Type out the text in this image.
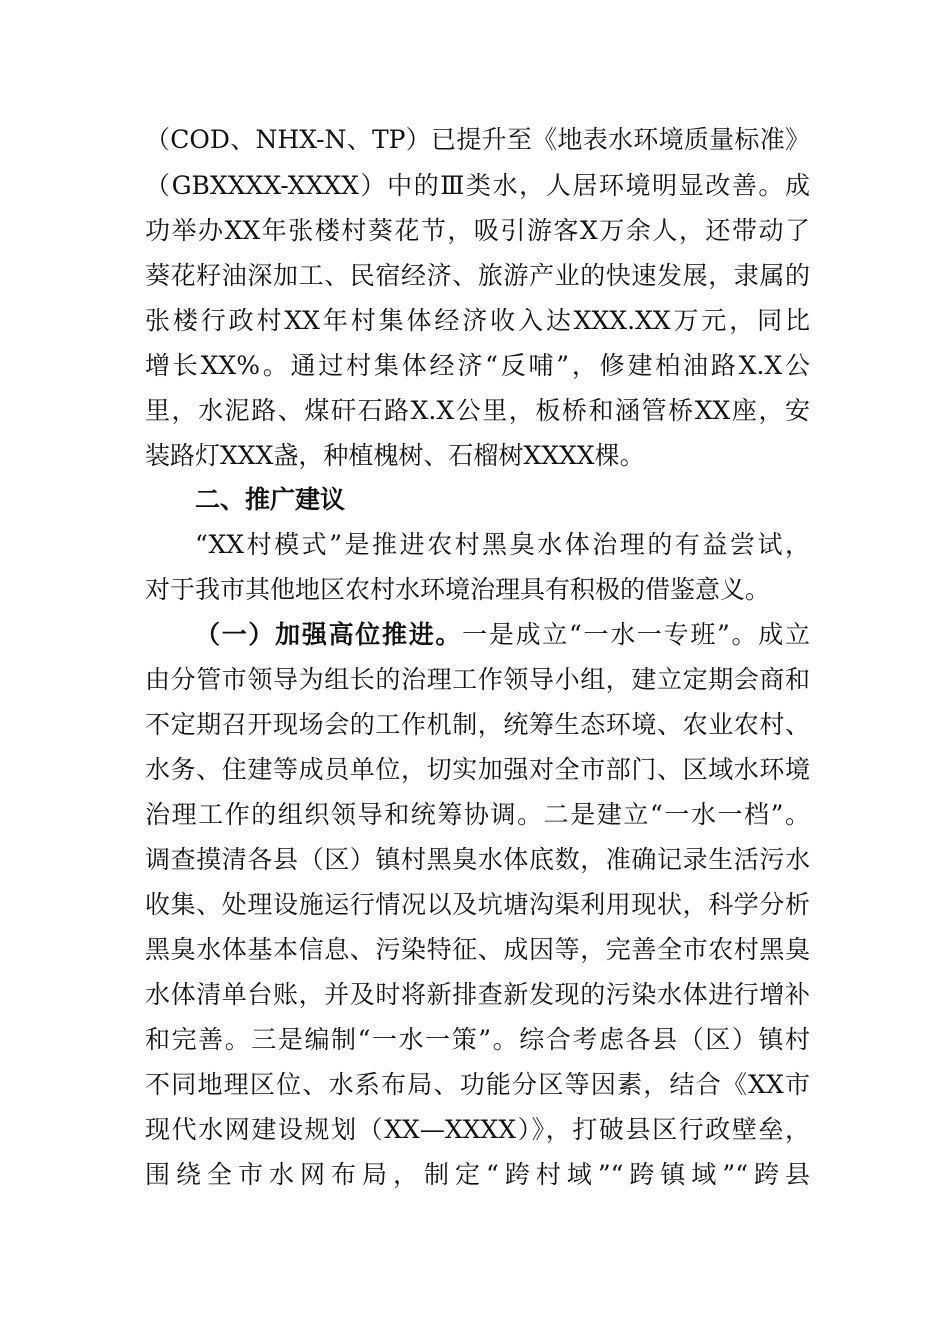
（COD、NHX-N、TP）已提升至《地表水环境质量标准》
（GBXXXX-XXXX）中的Ⅲ类水，人居环境明显改善。成
功举办XX年张楼村葵花节，吸引游客X万余人，还带动了
葵花籽油深加工、民宿经济、旅游产业的快速发展，隶属的
张楼行政村XX年村集体经济收入达XXX.XX万元，同比
增长XX%。通过村集体经济“反哺”，修建柏油路X.X公
里，水泥路、煤矸石路X.X公里，板桥和涵管桥XX座，安
装路灯XXX盏，种植槐树、石榴树XXXX棵。
二、推广建议
“XX村模式”是推进农村黑臭水体治理的有益尝试，
对于我市其他地区农村水环境治理具有积极的借鉴意义。
（一）加强高位推进。一是成立“一水一专班”。成立
由分管市领导为组长的治理工作领导小组，建立定期会商和
不定期召开现场会的工作机制，统筹生态环境、农业农村、
水务、住建等成员单位，切实加强对全市部门、区域水环境
治理工作的组织领导和统筹协调。二是建立“一水一档”。
调查摸清各县（区）镇村黑臭水体底数，准确记录生活污水
收集、处理设施运行情况以及坑塘沟渠利用现状，科学分析
黑臭水体基本信息、污染特征、成因等，完善全市农村黑臭
水体清单台账，并及时将新排查新发现的污染水体进行增补
和完善。三是编制“一水一策”。综合考虑各县（区）镇村
不同地理区位、水系布局、功能分区等因素，结合《XX市
现代水网建设规划（XX—XXXX）》，打破县区行政壁垒，
围绕全市水网布局，制定“跨村域”“跨镇域”“跨县
